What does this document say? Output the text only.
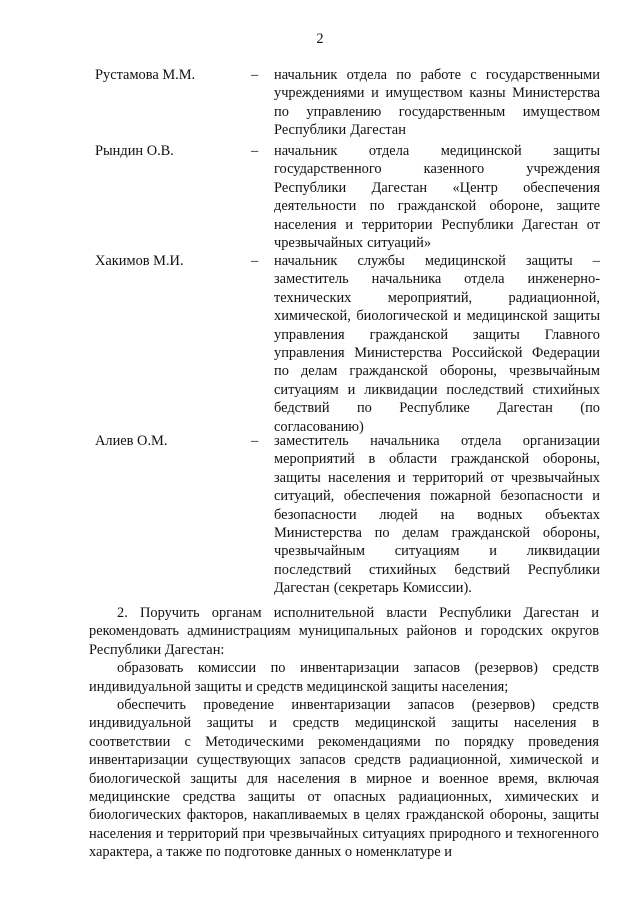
2
Рустамова М.М.	– начальник отдела по работе с государственными учреждениями и имуществом казны Министерства по управлению государственным имуществом Республики Дагестан
Рындин О.В.	– начальник отдела медицинской защиты государственного казенного учреждения Республики Дагестан «Центр обеспечения деятельности по гражданской обороне, защите населения и территории Республики Дагестан от чрезвычайных ситуаций»
Хакимов М.И.	– начальник службы медицинской защиты – заместитель начальника отдела инженерно-технических мероприятий, радиационной, химической, биологической и медицинской защиты управления гражданской защиты Главного управления Министерства Российской Федерации по делам гражданской обороны, чрезвычайным ситуациям и ликвидации последствий стихийных бедствий по Республике Дагестан (по согласованию)
Алиев О.М.	– заместитель начальника отдела организации мероприятий в области гражданской обороны, защиты населения и территорий от чрезвычайных ситуаций, обеспечения пожарной безопасности и безопасности людей на водных объектах Министерства по делам гражданской обороны, чрезвычайным ситуациям и ликвидации последствий стихийных бедствий Республики Дагестан (секретарь Комиссии).

2. Поручить органам исполнительной власти Республики Дагестан и рекомендовать администрациям муниципальных районов и городских округов Республики Дагестан:

образовать комиссии по инвентаризации запасов (резервов) средств индивидуальной защиты и средств медицинской защиты населения;

обеспечить проведение инвентаризации запасов (резервов) средств индивидуальной защиты и средств медицинской защиты населения в соответствии с Методическими рекомендациями по порядку проведения инвентаризации существующих запасов средств радиационной, химической и биологической защиты для населения в мирное и военное время, включая медицинские средства защиты от опасных радиационных, химических и биологических факторов, накапливаемых в целях гражданской обороны, защиты населения и территорий при чрезвычайных ситуациях природного и техногенного характера, а также по подготовке данных о номенклатуре и
